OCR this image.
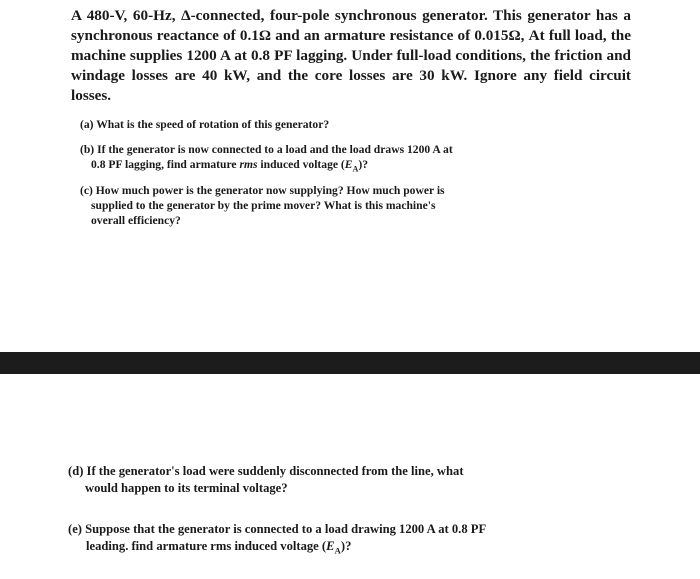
A 480-V, 60-Hz, Δ-connected, four-pole synchronous generator. This generator has a synchronous reactance of 0.1Ω and an armature resistance of 0.015Ω, At full load, the machine supplies 1200 A at 0.8 PF lagging. Under full-load conditions, the friction and windage losses are 40 kW, and the core losses are 30 kW. Ignore any field circuit losses.
(a) What is the speed of rotation of this generator?
(b) If the generator is now connected to a load and the load draws 1200 A at
0.8 PF lagging, find armature rms induced voltage $(E_A)$?
(c) How much power is the generator now supplying? How much power is
supplied to the generator by the prime mover? What is this machine's
overall efficiency?
(d) If the generator's load were suddenly disconnected from the line, what
would happen to its terminal voltage?
(e) Suppose that the generator is connected to a load drawing 1200 A at 0.8 PF
leading. find armature rms induced voltage $(E_A)$?
